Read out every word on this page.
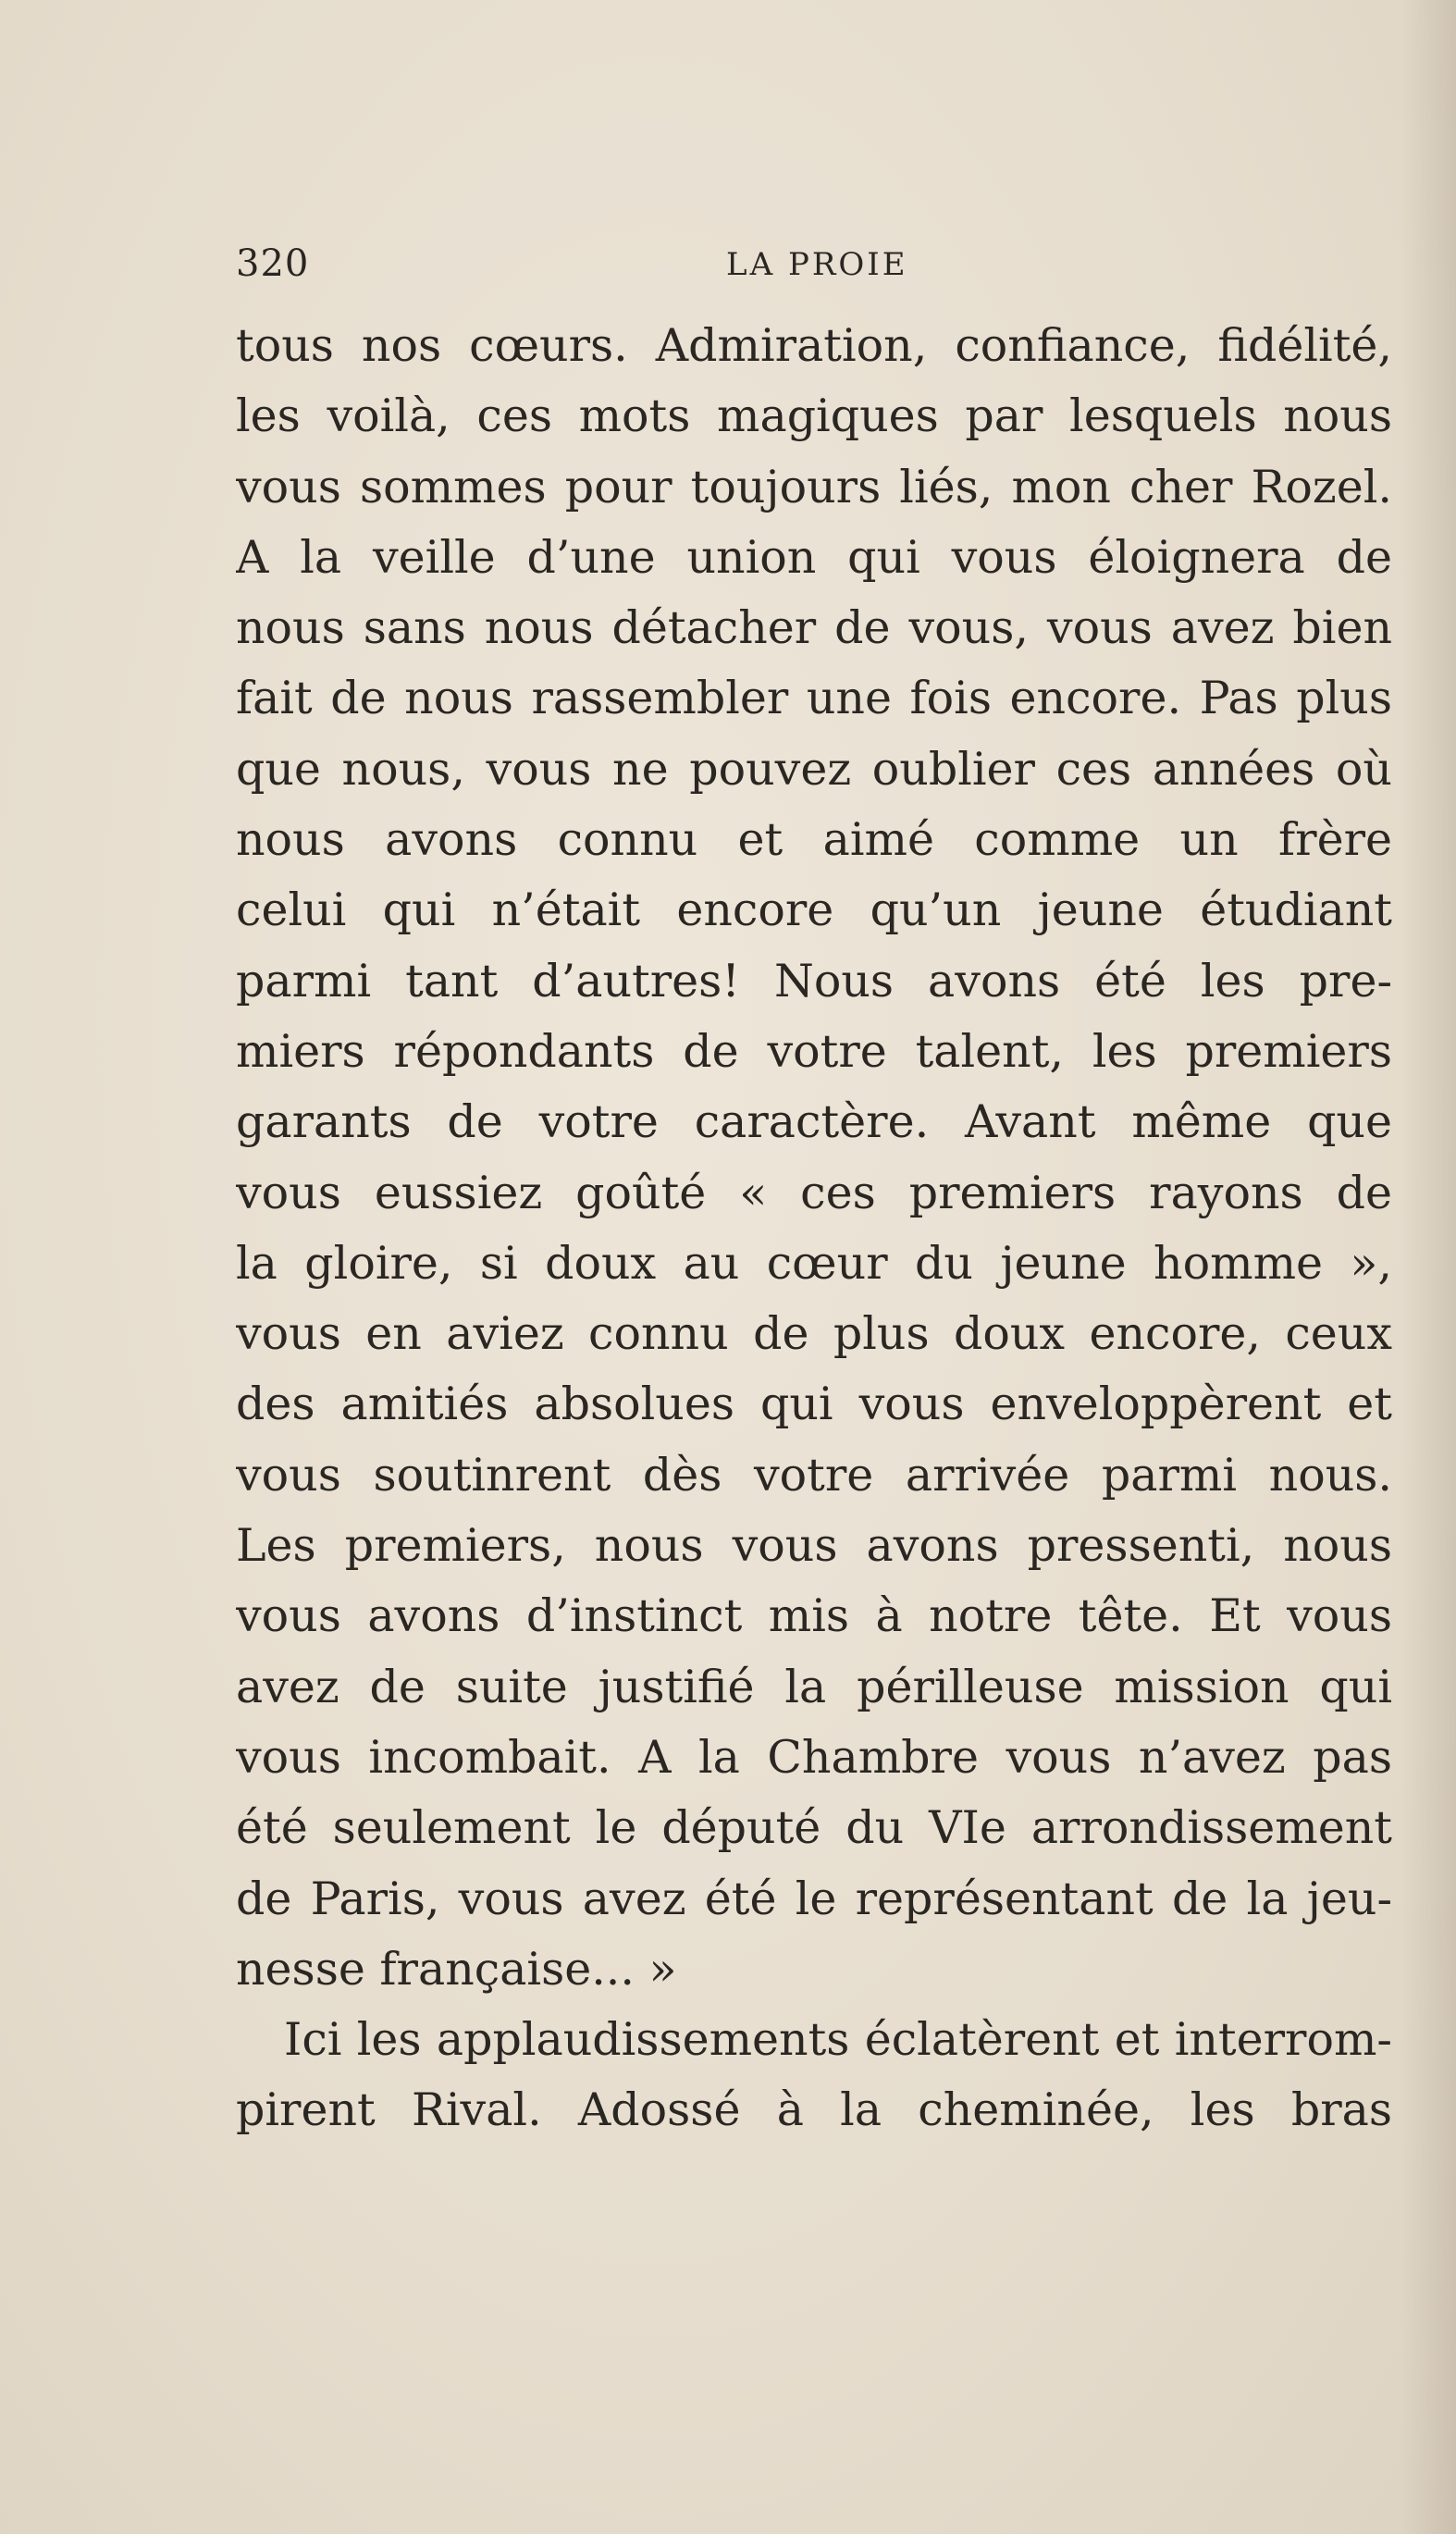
320	LA PROIE
tous nos cœurs. Admiration, confiance, fidélité,
les voilà, ces mots magiques par lesquels nous
vous sommes pour toujours liés, mon cher Rozel.
A la veille d’une union qui vous éloignera de
nous sans nous détacher de vous, vous avez bien
fait de nous rassembler une fois encore. Pas plus
que nous, vous ne pouvez oublier ces années où
nous avons connu et aimé comme un frère
celui qui n’était encore qu’un jeune étudiant
parmi tant d’autres! Nous avons été les pre-
miers répondants de votre talent, les premiers
garants de votre caractère. Avant même que
vous eussiez goûté « ces premiers rayons de
la gloire, si doux au cœur du jeune homme »,
vous en aviez connu de plus doux encore, ceux
des amitiés absolues qui vous enveloppèrent et
vous soutinrent dès votre arrivée parmi nous.
Les premiers, nous vous avons pressenti, nous
vous avons d’instinct mis à notre tête. Et vous
avez de suite justifié la périlleuse mission qui
vous incombait. A la Chambre vous n’avez pas
été seulement le député du VIe arrondissement
de Paris, vous avez été le représentant de la jeu-
nesse française... »
Ici les applaudissements éclatèrent et interrom-
pirent Rival. Adossé à la cheminée, les bras
